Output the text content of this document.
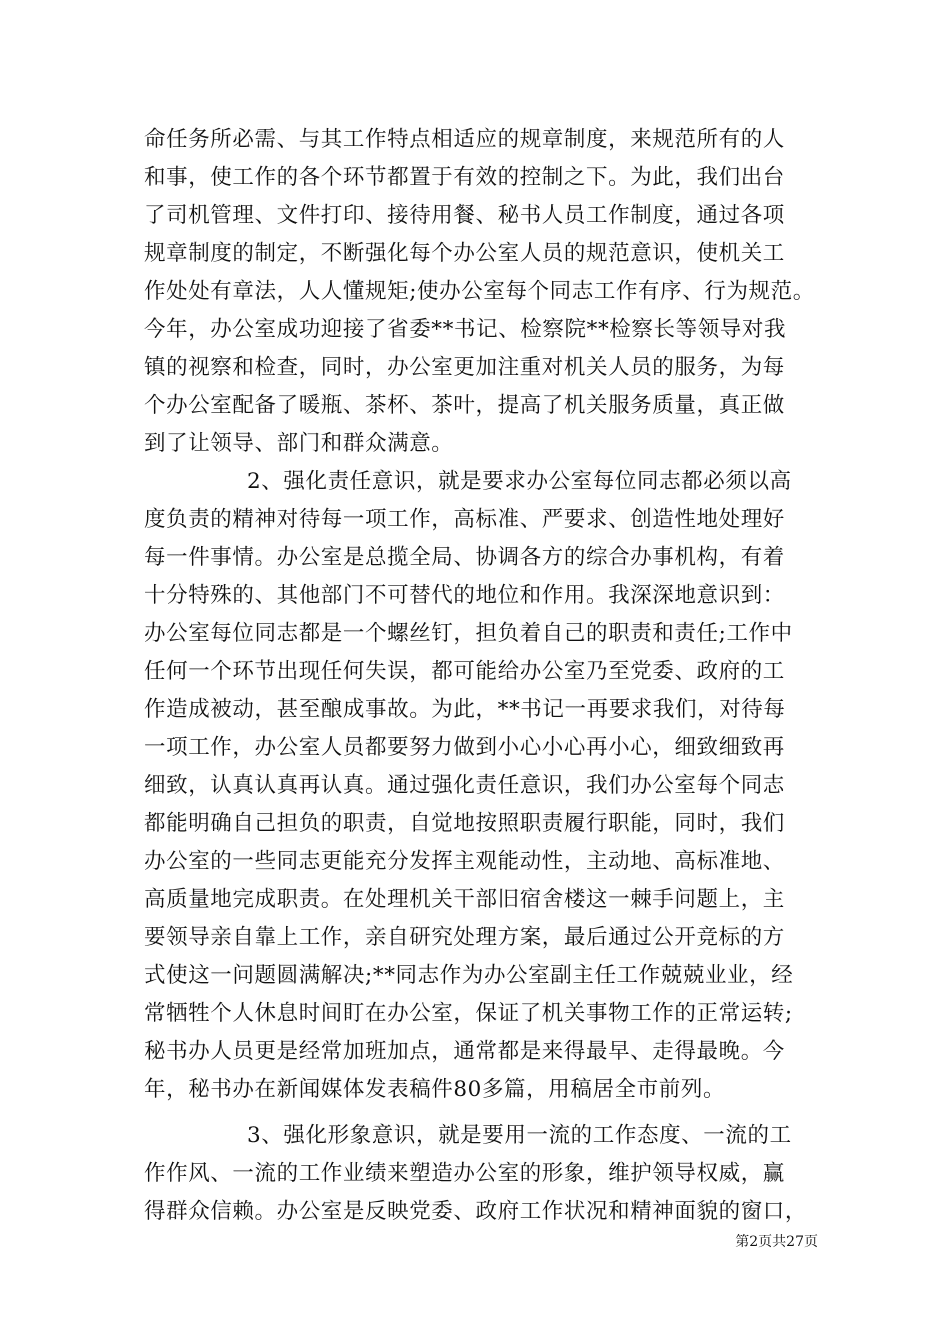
命任务所必需、与其工作特点相适应的规章制度，来规范所有的人
和事，使工作的各个环节都置于有效的控制之下。为此，我们出台
了司机管理、文件打印、接待用餐、秘书人员工作制度，通过各项
规章制度的制定，不断强化每个办公室人员的规范意识，使机关工
作处处有章法，人人懂规矩;使办公室每个同志工作有序、行为规范。
今年，办公室成功迎接了省委**书记、检察院**检察长等领导对我
镇的视察和检查，同时，办公室更加注重对机关人员的服务，为每
个办公室配备了暖瓶、茶杯、茶叶，提高了机关服务质量，真正做
到了让领导、部门和群众满意。
2、强化责任意识，就是要求办公室每位同志都必须以高
度负责的精神对待每一项工作，高标准、严要求、创造性地处理好
每一件事情。办公室是总揽全局、协调各方的综合办事机构，有着
十分特殊的、其他部门不可替代的地位和作用。我深深地意识到：
办公室每位同志都是一个螺丝钉，担负着自己的职责和责任;工作中
任何一个环节出现任何失误，都可能给办公室乃至党委、政府的工
作造成被动，甚至酿成事故。为此，**书记一再要求我们，对待每
一项工作，办公室人员都要努力做到小心小心再小心，细致细致再
细致，认真认真再认真。通过强化责任意识，我们办公室每个同志
都能明确自己担负的职责，自觉地按照职责履行职能，同时，我们
办公室的一些同志更能充分发挥主观能动性，主动地、高标准地、
高质量地完成职责。在处理机关干部旧宿舍楼这一棘手问题上，主
要领导亲自靠上工作，亲自研究处理方案，最后通过公开竞标的方
式使这一问题圆满解决;**同志作为办公室副主任工作兢兢业业，经
常牺牲个人休息时间盯在办公室，保证了机关事物工作的正常运转;
秘书办人员更是经常加班加点，通常都是来得最早、走得最晚。今
年，秘书办在新闻媒体发表稿件80多篇，用稿居全市前列。
3、强化形象意识，就是要用一流的工作态度、一流的工
作作风、一流的工作业绩来塑造办公室的形象，维护领导权威，赢
得群众信赖。办公室是反映党委、政府工作状况和精神面貌的窗口，
第2页共27页
